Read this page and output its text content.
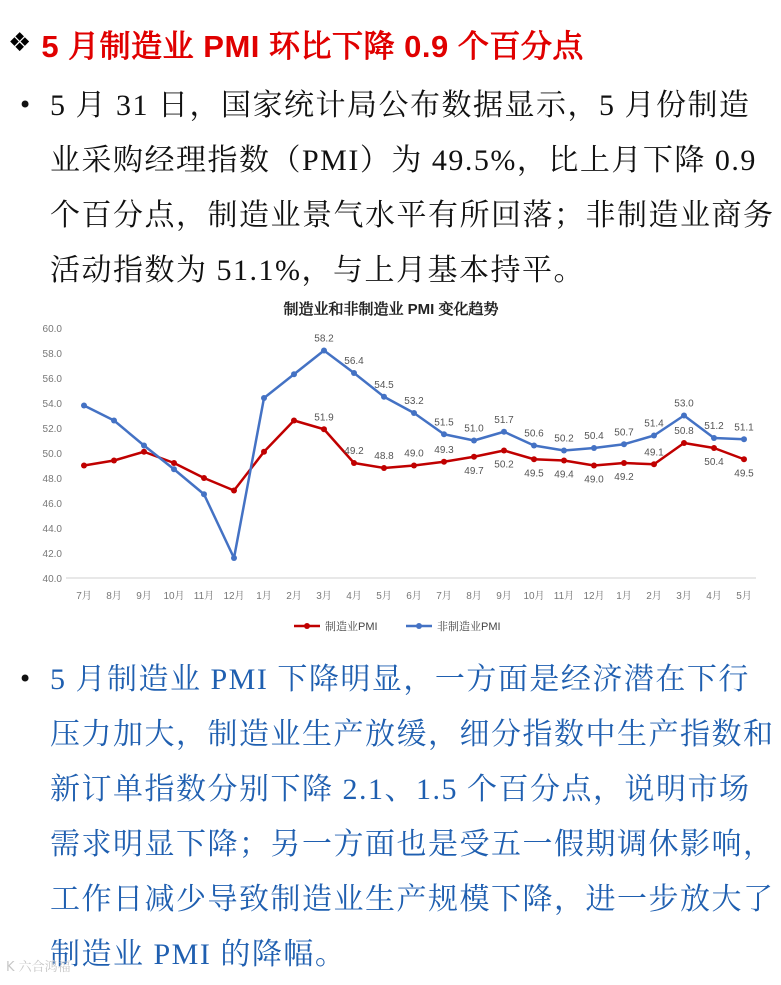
❖ 5 月制造业 PMI 环比下降 0.9 个百分点
• 5 月 31 日，国家统计局公布数据显示，5 月份制造业采购经理指数（PMI）为 49.5%，比上月下降 0.9 个百分点，制造业景气水平有所回落；非制造业商务活动指数为 51.1%，与上月基本持平。
制造业和非制造业 PMI 变化趋势
40.0
42.0
44.0
46.0
48.0
50.0
52.0
54.0
56.0
58.0
60.0
7月 8月 9月 10月 11月 12月 1月 2月 3月 4月 5月 6月 7月 8月 9月 10月 11月 12月 1月 2月 3月 4月 5月
51.9
49.2 48.8 49.0 49.3
49.7
50.2
49.5 49.4 49.0 49.2
49.1
50.8
50.4
49.5
58.2
56.4
54.5
53.2
51.5
51.0
51.7
50.6 50.2 50.4 50.7
51.4
53.0
51.2 51.1
制造业PMI	非制造业PMI
• 5 月制造业 PMI 下降明显，一方面是经济潜在下行压力加大，制造业生产放缓，细分指数中生产指数和新订单指数分别下降 2.1、1.5 个百分点，说明市场需求明显下降；另一方面也是受五一假期调休影响，工作日减少导致制造业生产规模下降，进一步放大了制造业 PMI 的降幅。
K 六合鸿福
